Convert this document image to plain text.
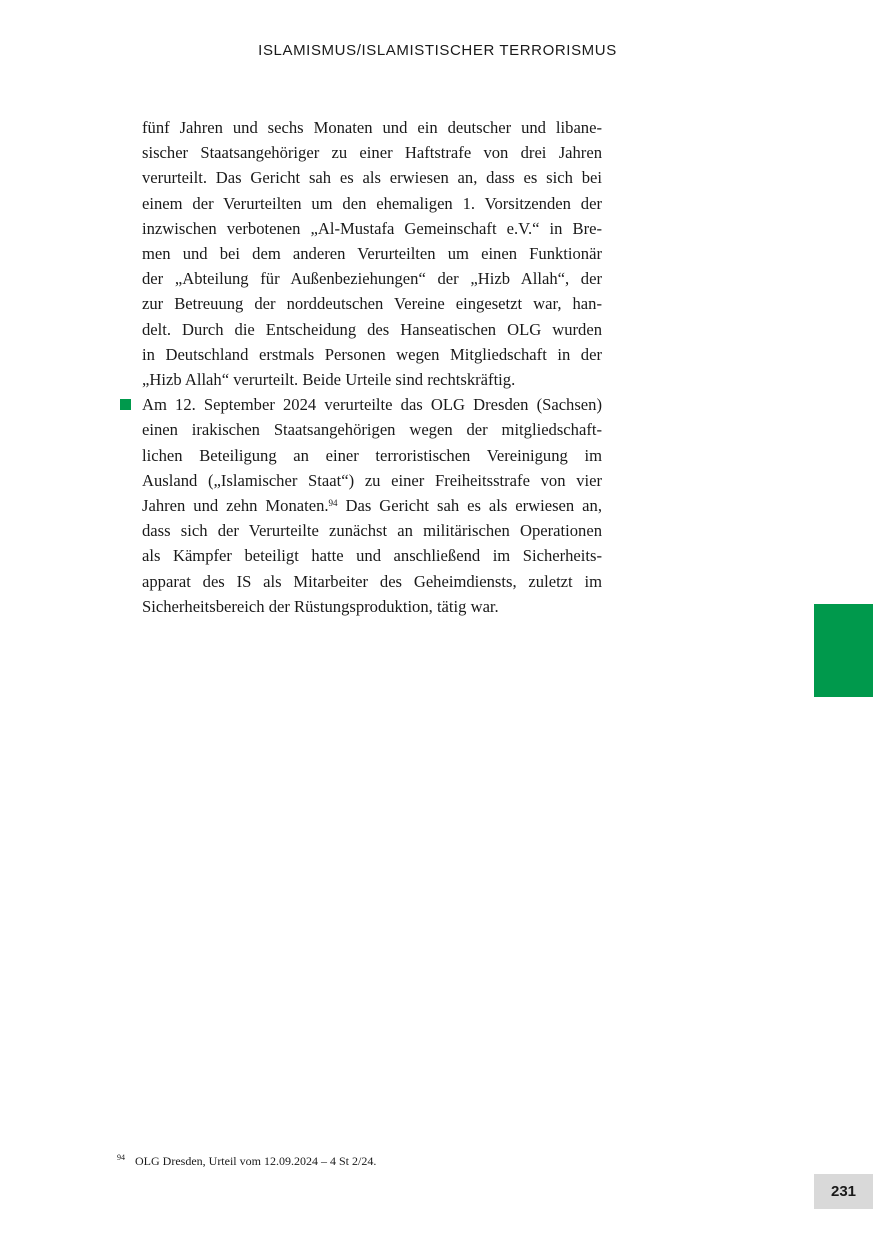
ISLAMISMUS/ISLAMISTISCHER TERRORISMUS

fünf Jahren und sechs Monaten und ein deutscher und libane-
sischer Staatsangehöriger zu einer Haftstrafe von drei Jahren
verurteilt. Das Gericht sah es als erwiesen an, dass es sich bei
einem der Verurteilten um den ehemaligen 1. Vorsitzenden der
inzwischen verbotenen „Al-Mustafa Gemeinschaft e.V.“ in Bre-
men und bei dem anderen Verurteilten um einen Funktionär
der „Abteilung für Außenbeziehungen“ der „Hizb Allah“, der
zur Betreuung der norddeutschen Vereine eingesetzt war, han-
delt. Durch die Entscheidung des Hanseatischen OLG wurden
in Deutschland erstmals Personen wegen Mitgliedschaft in der
„Hizb Allah“ verurteilt. Beide Urteile sind rechtskräftig.

Am 12. September 2024 verurteilte das OLG Dresden (Sachsen)
einen irakischen Staatsangehörigen wegen der mitgliedschaft-
lichen Beteiligung an einer terroristischen Vereinigung im
Ausland („Islamischer Staat“) zu einer Freiheitsstrafe von vier
Jahren und zehn Monaten.$^{94}$ Das Gericht sah es als erwiesen an,
dass sich der Verurteilte zunächst an militärischen Operationen
als Kämpfer beteiligt hatte und anschließend im Sicherheits-
apparat des IS als Mitarbeiter des Geheimdiensts, zuletzt im
Sicherheitsbereich der Rüstungsproduktion, tätig war.

$^{94}$ OLG Dresden, Urteil vom 12.09.2024 – 4 St 2/24.
231
